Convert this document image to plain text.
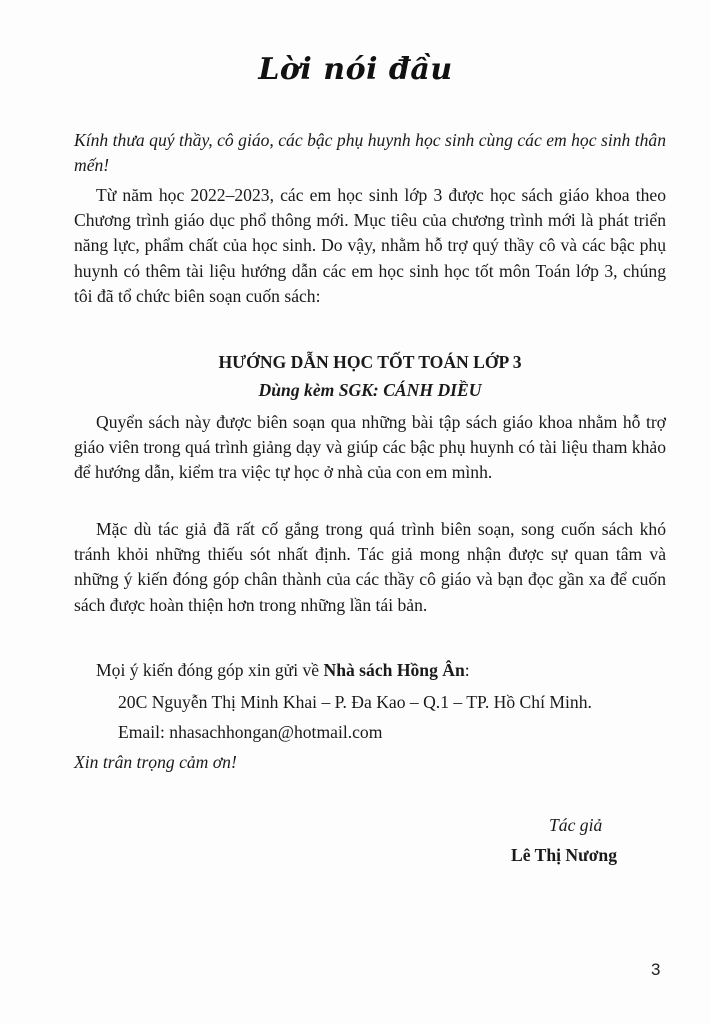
Lời nói đầu

Kính thưa quý thầy, cô giáo, các bậc phụ huynh học sinh cùng các em học sinh thân mến!

Từ năm học 2022–2023, các em học sinh lớp 3 được học sách giáo khoa theo Chương trình giáo dục phổ thông mới. Mục tiêu của chương trình mới là phát triển năng lực, phẩm chất của học sinh. Do vậy, nhằm hỗ trợ quý thầy cô và các bậc phụ huynh có thêm tài liệu hướng dẫn các em học sinh học tốt môn Toán lớp 3, chúng tôi đã tổ chức biên soạn cuốn sách:

HƯỚNG DẪN HỌC TỐT TOÁN LỚP 3

Dùng kèm SGK: CÁNH DIỀU

Quyển sách này được biên soạn qua những bài tập sách giáo khoa nhằm hỗ trợ giáo viên trong quá trình giảng dạy và giúp các bậc phụ huynh có tài liệu tham khảo để hướng dẫn, kiểm tra việc tự học ở nhà của con em mình.

Mặc dù tác giả đã rất cố gắng trong quá trình biên soạn, song cuốn sách khó tránh khỏi những thiếu sót nhất định. Tác giả mong nhận được sự quan tâm và những ý kiến đóng góp chân thành của các thầy cô giáo và bạn đọc gần xa để cuốn sách được hoàn thiện hơn trong những lần tái bản.

Mọi ý kiến đóng góp xin gửi về Nhà sách Hồng Ân:

20C Nguyễn Thị Minh Khai – P. Đa Kao – Q.1 – TP. Hồ Chí Minh.

Email: nhasachhongan@hotmail.com

Xin trân trọng cảm ơn!

Tác giả

Lê Thị Nương

3
